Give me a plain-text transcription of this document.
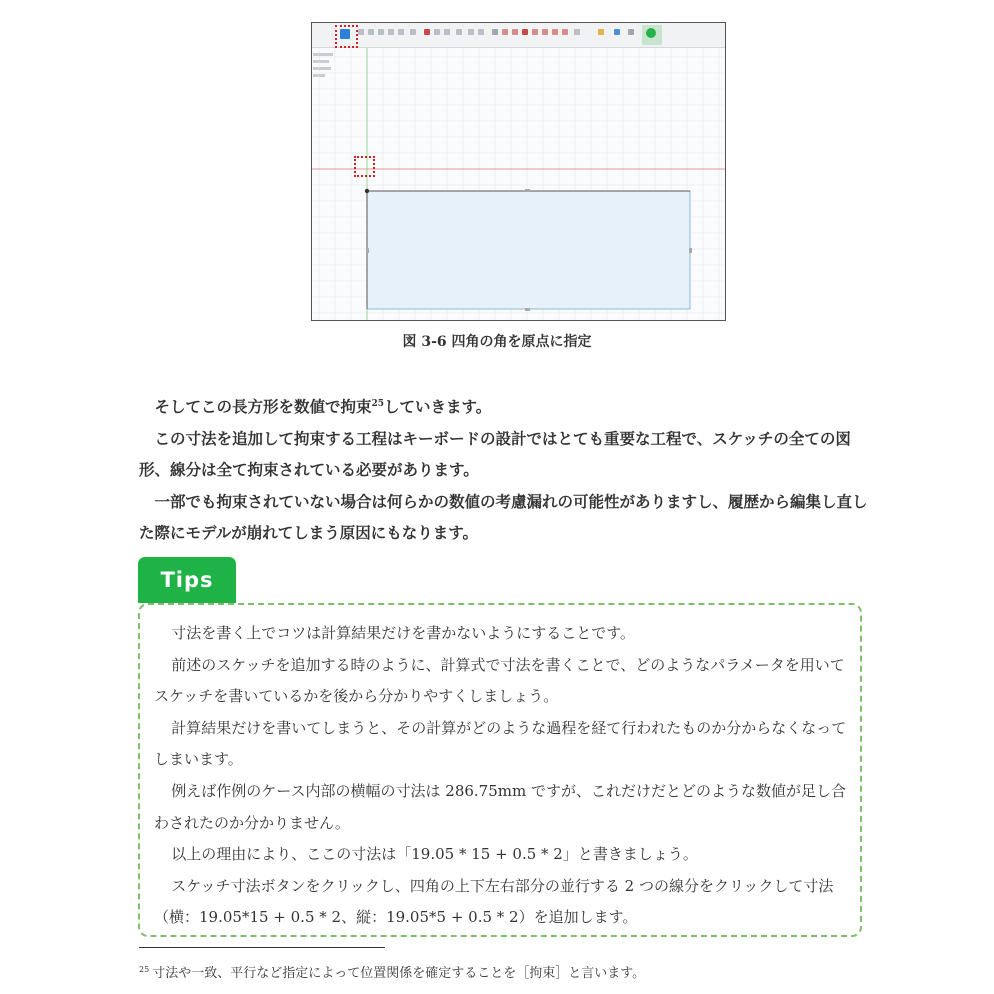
‥	‥	‥	‥
図 3-6 四角の角を原点に指定

そしてこの長方形を数値で拘束$^{25}$していきます。

この寸法を追加して拘束する工程はキーボードの設計ではとても重要な工程で、スケッチの全ての図形、線分は全て拘束されている必要があります。

一部でも拘束されていない場合は何らかの数値の考慮漏れの可能性がありますし、履歴から編集し直した際にモデルが崩れてしまう原因にもなります。

Tips

寸法を書く上でコツは計算結果だけを書かないようにすることです。

前述のスケッチを追加する時のように、計算式で寸法を書くことで、どのようなパラメータを用いてスケッチを書いているかを後から分かりやすくしましょう。

計算結果だけを書いてしまうと、その計算がどのような過程を経て行われたものか分からなくなってしまいます。

例えば作例のケース内部の横幅の寸法は 286.75mm ですが、これだけだとどのような数値が足し合わされたのか分かりません。

以上の理由により、ここの寸法は「19.05 * 15 + 0.5 * 2」と書きましょう。

スケッチ寸法ボタンをクリックし、四角の上下左右部分の並行する 2 つの線分をクリックして寸法（横：19.05*15 + 0.5 * 2、縦：19.05*5 + 0.5 * 2）を追加します。

$^{25}$ 寸法や一致、平行など指定によって位置関係を確定することを［拘束］と言います。
